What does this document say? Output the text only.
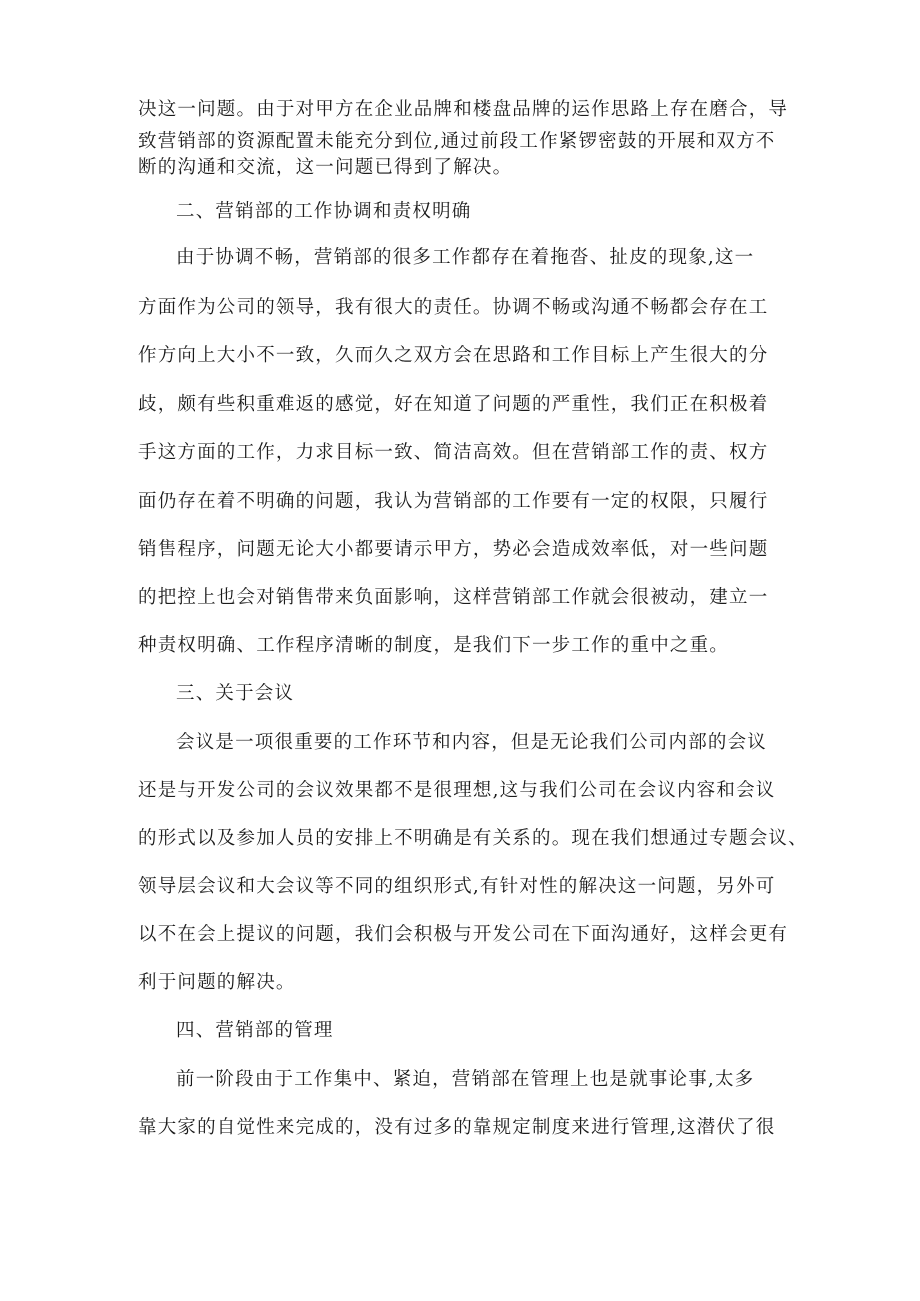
决这一问题。由于对甲方在企业品牌和楼盘品牌的运作思路上存在磨合，导

致营销部的资源配置未能充分到位,通过前段工作紧锣密鼓的开展和双方不

断的沟通和交流，这一问题已得到了解决。

二、营销部的工作协调和责权明确

由于协调不畅，营销部的很多工作都存在着拖沓、扯皮的现象,这一

方面作为公司的领导，我有很大的责任。协调不畅或沟通不畅都会存在工

作方向上大小不一致，久而久之双方会在思路和工作目标上产生很大的分

歧，颇有些积重难返的感觉，好在知道了问题的严重性，我们正在积极着

手这方面的工作，力求目标一致、简洁高效。但在营销部工作的责、权方

面仍存在着不明确的问题，我认为营销部的工作要有一定的权限，只履行

销售程序，问题无论大小都要请示甲方，势必会造成效率低，对一些问题

的把控上也会对销售带来负面影响，这样营销部工作就会很被动，建立一

种责权明确、工作程序清晰的制度，是我们下一步工作的重中之重。

三、关于会议

会议是一项很重要的工作环节和内容，但是无论我们公司内部的会议

还是与开发公司的会议效果都不是很理想,这与我们公司在会议内容和会议

的形式以及参加人员的安排上不明确是有关系的。现在我们想通过专题会议、

领导层会议和大会议等不同的组织形式,有针对性的解决这一问题，另外可

以不在会上提议的问题，我们会积极与开发公司在下面沟通好，这样会更有

利于问题的解决。

四、营销部的管理

前一阶段由于工作集中、紧迫，营销部在管理上也是就事论事,太多

靠大家的自觉性来完成的，没有过多的靠规定制度来进行管理,这潜伏了很
